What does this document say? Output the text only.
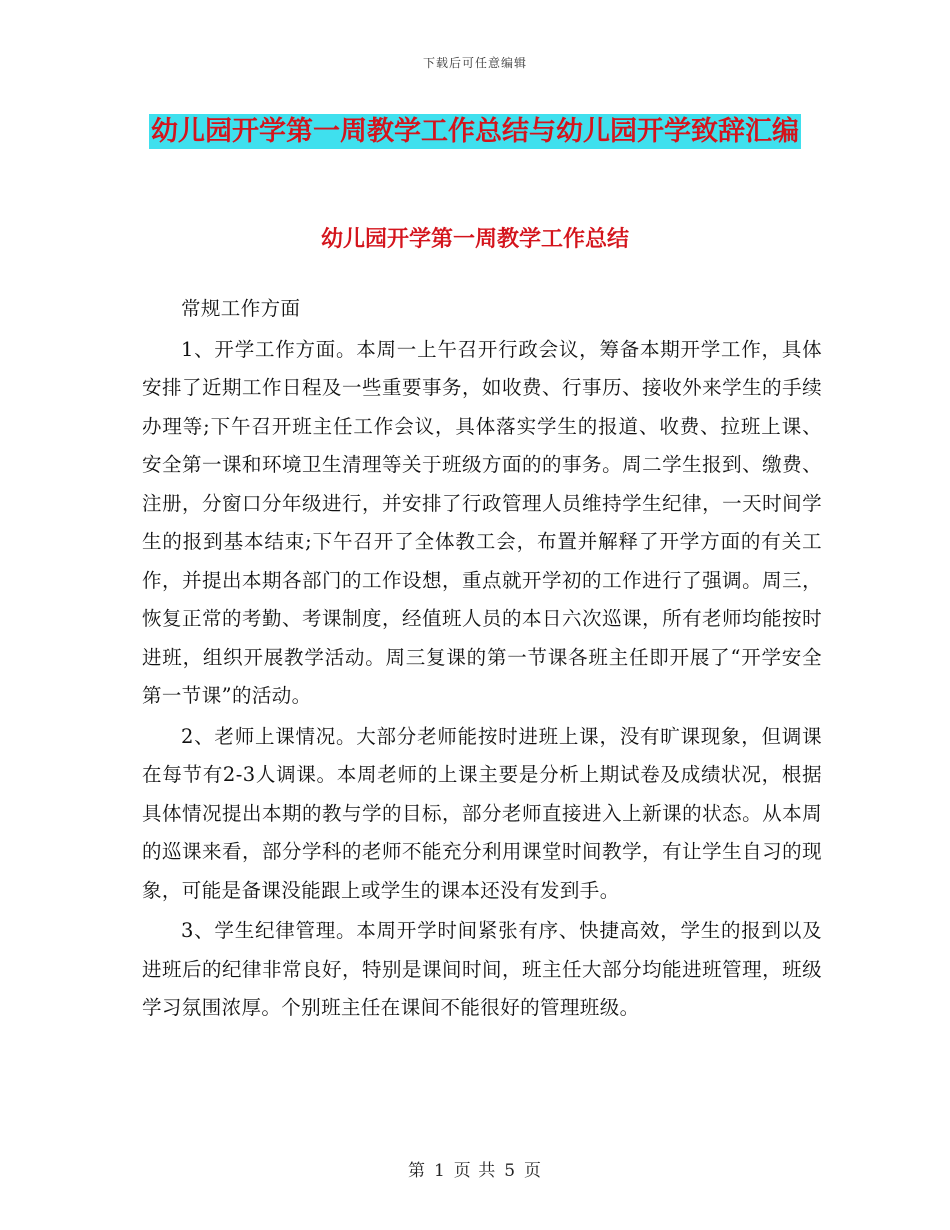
下载后可任意编辑
幼儿园开学第一周教学工作总结与幼儿园开学致辞汇编
幼儿园开学第一周教学工作总结

常规工作方面

1、开学工作方面。本周一上午召开行政会议，筹备本期开学工作，具体安排了近期工作日程及一些重要事务，如收费、行事历、接收外来学生的手续办理等;下午召开班主任工作会议，具体落实学生的报道、收费、拉班上课、安全第一课和环境卫生清理等关于班级方面的的事务。周二学生报到、缴费、注册，分窗口分年级进行，并安排了行政管理人员维持学生纪律，一天时间学生的报到基本结束;下午召开了全体教工会，布置并解释了开学方面的有关工作，并提出本期各部门的工作设想，重点就开学初的工作进行了强调。周三，恢复正常的考勤、考课制度，经值班人员的本日六次巡课，所有老师均能按时进班，组织开展教学活动。周三复课的第一节课各班主任即开展了“开学安全第一节课”的活动。

2、老师上课情况。大部分老师能按时进班上课，没有旷课现象，但调课在每节有2-3人调课。本周老师的上课主要是分析上期试卷及成绩状况，根据具体情况提出本期的教与学的目标，部分老师直接进入上新课的状态。从本周的巡课来看，部分学科的老师不能充分利用课堂时间教学，有让学生自习的现象，可能是备课没能跟上或学生的课本还没有发到手。

3、学生纪律管理。本周开学时间紧张有序、快捷高效，学生的报到以及进班后的纪律非常良好，特别是课间时间，班主任大部分均能进班管理，班级学习氛围浓厚。个别班主任在课间不能很好的管理班级。

第 1 页 共 5 页
